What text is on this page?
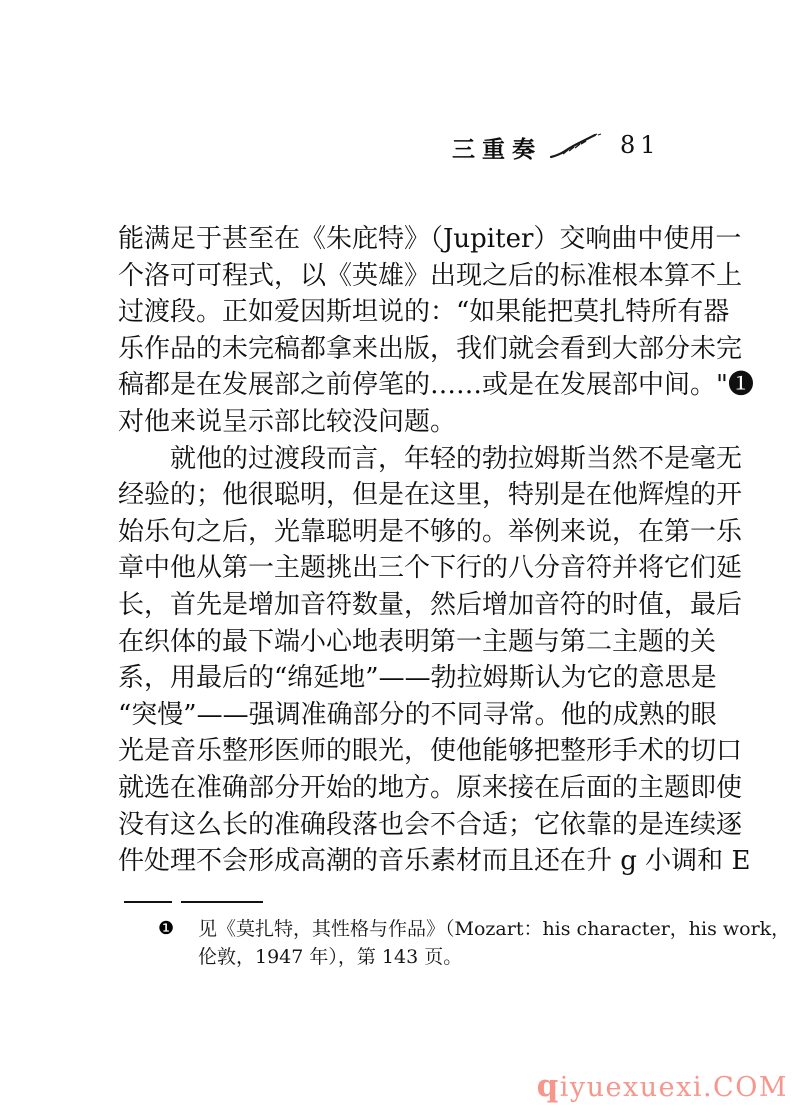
三重奏	81
能满足于甚至在《朱庇特》（Jupiter）交响曲中使用一
个洛可可程式，以《英雄》出现之后的标准根本算不上
过渡段。正如爱因斯坦说的：“如果能把莫扎特所有器
乐作品的未完稿都拿来出版，我们就会看到大部分未完
稿都是在发展部之前停笔的……或是在发展部中间。"❶
对他来说呈示部比较没问题。
　　就他的过渡段而言，年轻的勃拉姆斯当然不是毫无
经验的；他很聪明，但是在这里，特别是在他辉煌的开
始乐句之后，光靠聪明是不够的。举例来说，在第一乐
章中他从第一主题挑出三个下行的八分音符并将它们延
长，首先是增加音符数量，然后增加音符的时值，最后
在织体的最下端小心地表明第一主题与第二主题的关
系，用最后的“绵延地”——勃拉姆斯认为它的意思是
“突慢”——强调准确部分的不同寻常。他的成熟的眼
光是音乐整形医师的眼光，使他能够把整形手术的切口
就选在准确部分开始的地方。原来接在后面的主题即使
没有这么长的准确段落也会不合适；它依靠的是连续逐
件处理不会形成高潮的音乐素材而且还在升 g 小调和 E
❶	见《莫扎特，其性格与作品》（Mozart：his character，his work，
伦敦，1947 年），第 143 页。
qiyuexuexi.COM
